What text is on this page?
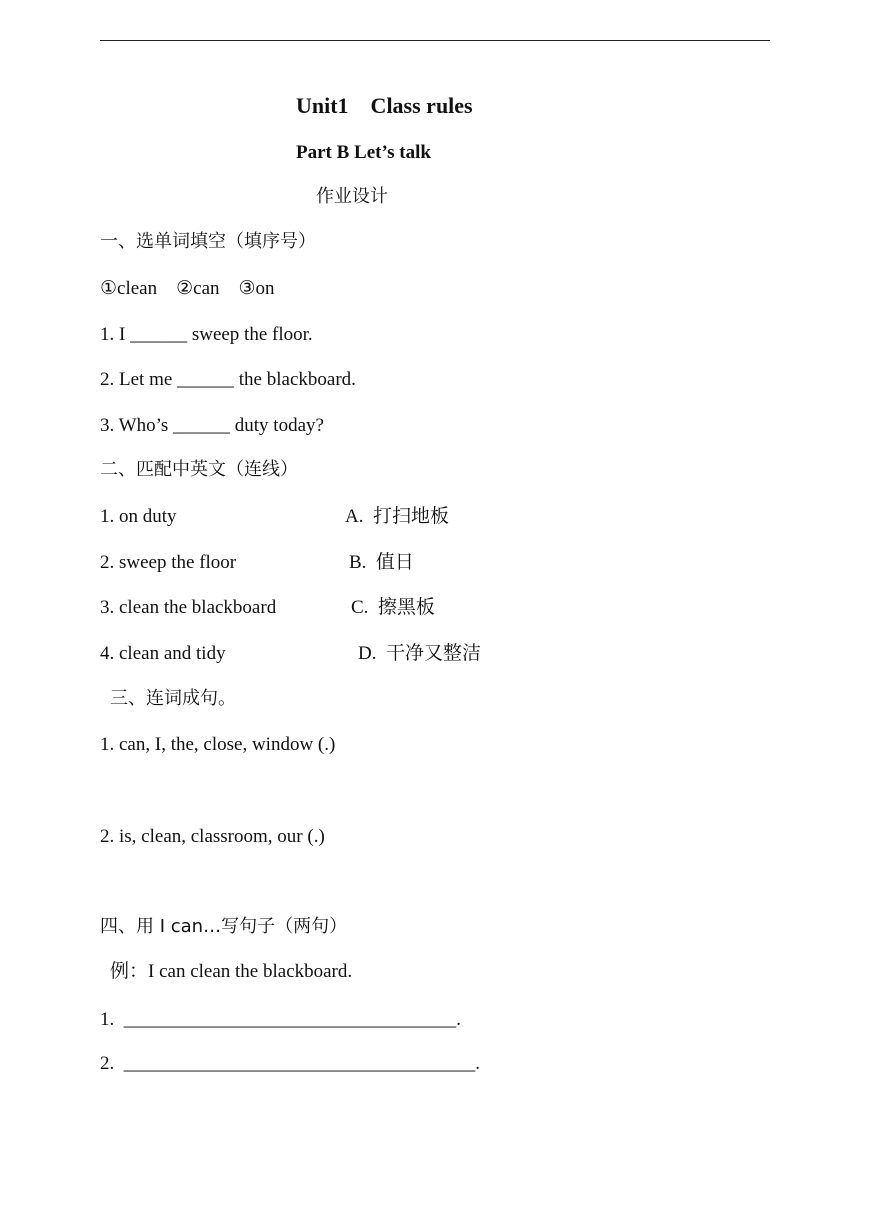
Unit1    Class rules
Part B Let’s talk
作业设计
一、选单词填空（填序号）
①clean    ②can    ③on
1. I ______ sweep the floor.
2. Let me ______ the blackboard.
3. Who’s ______ duty today?
二、匹配中英文（连线）
1. on duty	A.  打扫地板
2. sweep the floor	B.  值日
3. clean the blackboard	C.  擦黑板
4. clean and tidy	D.  干净又整洁
三、连词成句。
1. can, I, the, close, window (.)
2. is, clean, classroom, our (.)
四、用 I can…写句子（两句）
例：I can clean the blackboard.
1.  ___________________________________.
2.  _____________________________________.
